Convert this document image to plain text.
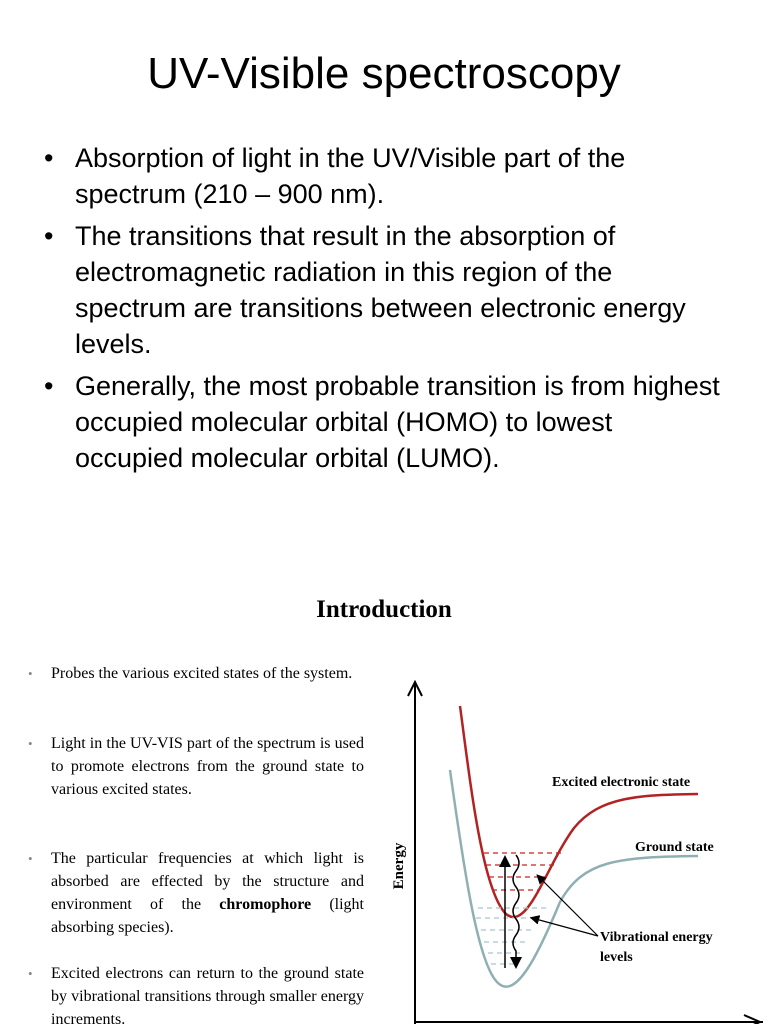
UV-Visible spectroscopy
• Absorption of light in the UV/Visible part of the spectrum (210 – 900 nm).
• The transitions that result in the absorption of electromagnetic radiation in this region of the spectrum are transitions between electronic energy levels.
• Generally, the most probable transition is from highest occupied molecular orbital (HOMO) to lowest occupied molecular orbital (LUMO).
Introduction
• Probes the various excited states of the system.
• Light in the UV-VIS part of the spectrum is used to promote electrons from the ground state to various excited states.
• The particular frequencies at which light is absorbed are effected by the structure and environment of the chromophore (light absorbing species).
• Excited electrons can return to the ground state by vibrational transitions through smaller energy increments.
Energy
Excited electronic state
Ground state
Vibrational energy
levels
